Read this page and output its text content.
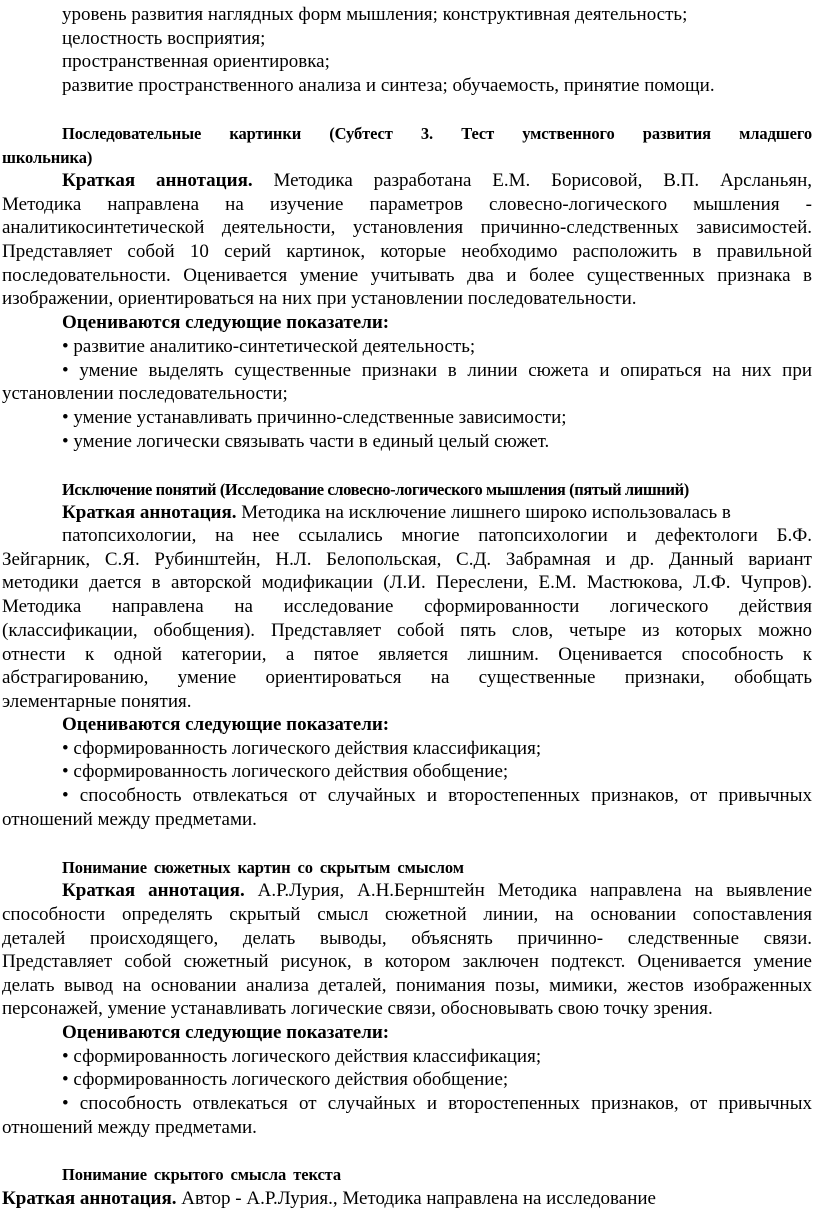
уровень развития наглядных форм мышления; конструктивная деятельность;
целостность восприятия;
пространственная ориентировка;
развитие пространственного анализа и синтеза; обучаемость, принятие помощи.
Последовательные картинки (Субтест 3. Тест умственного развития младшего
школьника)
Краткая аннотация. Методика разработана Е.М. Борисовой, В.П. Арсланьян,
Методика направлена на изучение параметров словесно-логического мышления -
аналитикосинтетической деятельности, установления причинно-следственных зависимостей.
Представляет собой 10 серий картинок, которые необходимо расположить в правильной
последовательности. Оценивается умение учитывать два и более существенных признака в
изображении, ориентироваться на них при установлении последовательности.
Оцениваются следующие показатели:
• развитие аналитико-синтетической деятельность;
• умение выделять существенные признаки в линии сюжета и опираться на них при
установлении последовательности;
• умение устанавливать причинно-следственные зависимости;
• умение логически связывать части в единый целый сюжет.
Исключение понятий (Исследование словесно-логического мышления (пятый лишний)
Краткая аннотация. Методика на исключение лишнего широко использовалась в
патопсихологии, на нее ссылались многие патопсихологии и дефектологи Б.Ф.
Зейгарник, С.Я. Рубинштейн, Н.Л. Белопольская, С.Д. Забрамная и др. Данный вариант
методики дается в авторской модификации (Л.И. Переслени, Е.М. Мастюкова, Л.Ф. Чупров).
Методика направлена на исследование сформированности логического действия
(классификации, обобщения). Представляет собой пять слов, четыре из которых можно
отнести к одной категории, а пятое является лишним. Оценивается способность к
абстрагированию, умение ориентироваться на существенные признаки, обобщать
элементарные понятия.
Оцениваются следующие показатели:
• сформированность логического действия классификация;
• сформированность логического действия обобщение;
• способность отвлекаться от случайных и второстепенных признаков, от привычных
отношений между предметами.
Понимание сюжетных картин со скрытым смыслом
Краткая аннотация. А.Р.Лурия, А.Н.Бернштейн Методика направлена на выявление
способности определять скрытый смысл сюжетной линии, на основании сопоставления
деталей происходящего, делать выводы, объяснять причинно- следственные связи.
Представляет собой сюжетный рисунок, в котором заключен подтекст. Оценивается умение
делать вывод на основании анализа деталей, понимания позы, мимики, жестов изображенных
персонажей, умение устанавливать логические связи, обосновывать свою точку зрения.
Оцениваются следующие показатели:
• сформированность логического действия классификация;
• сформированность логического действия обобщение;
• способность отвлекаться от случайных и второстепенных признаков, от привычных
отношений между предметами.
Понимание скрытого смысла текста
Краткая аннотация. Автор - А.Р.Лурия., Методика направлена на исследование
